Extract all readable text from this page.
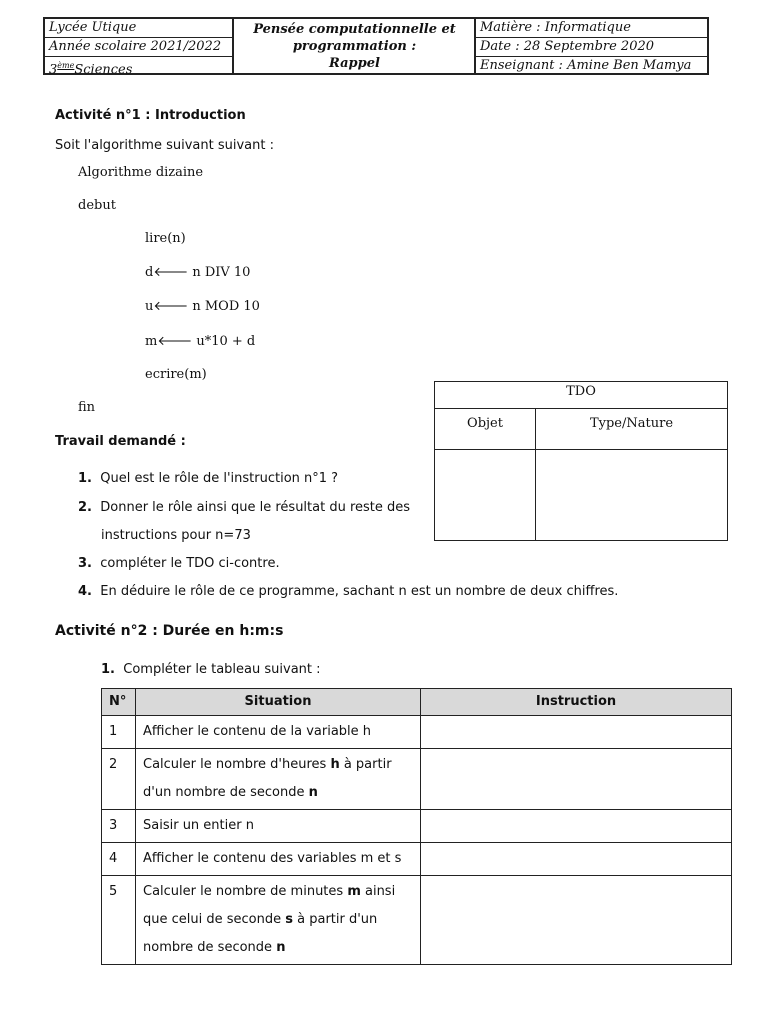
Lycée Utique
Année scolaire 2021/2022
3èmeSciences
Pensée computationnelle et
programmation :
Rappel
Matière : Informatique
Date : 28 Septembre 2020
Enseignant : Amine Ben Mamya
Activité n°1 : Introduction
Soit l'algorithme suivant suivant :
Algorithme dizaine
debut
lire(n)
d🡐 n DIV 10
u🡐 n MOD 10
m🡐 u*10 + d
ecrire(m)
fin
Travail demandé :
1. Quel est le rôle de l'instruction n°1 ?
2. Donner le rôle ainsi que le résultat du reste des
instructions pour n=73
3. compléter le TDO ci-contre.
4. En déduire le rôle de ce programme, sachant n est un nombre de deux chiffres.
TDO
Objet	Type/Nature
Activité n°2 : Durée en h:m:s
1. Compléter le tableau suivant :
N°	Situation	Instruction
1	Afficher le contenu de la variable h	
2	Calculer le nombre d'heures h à partir d'un nombre de seconde n	
3	Saisir un entier n	
4	Afficher le contenu des variables m et s	
5	Calculer le nombre de minutes m ainsi que celui de seconde s à partir d'un nombre de seconde n	
